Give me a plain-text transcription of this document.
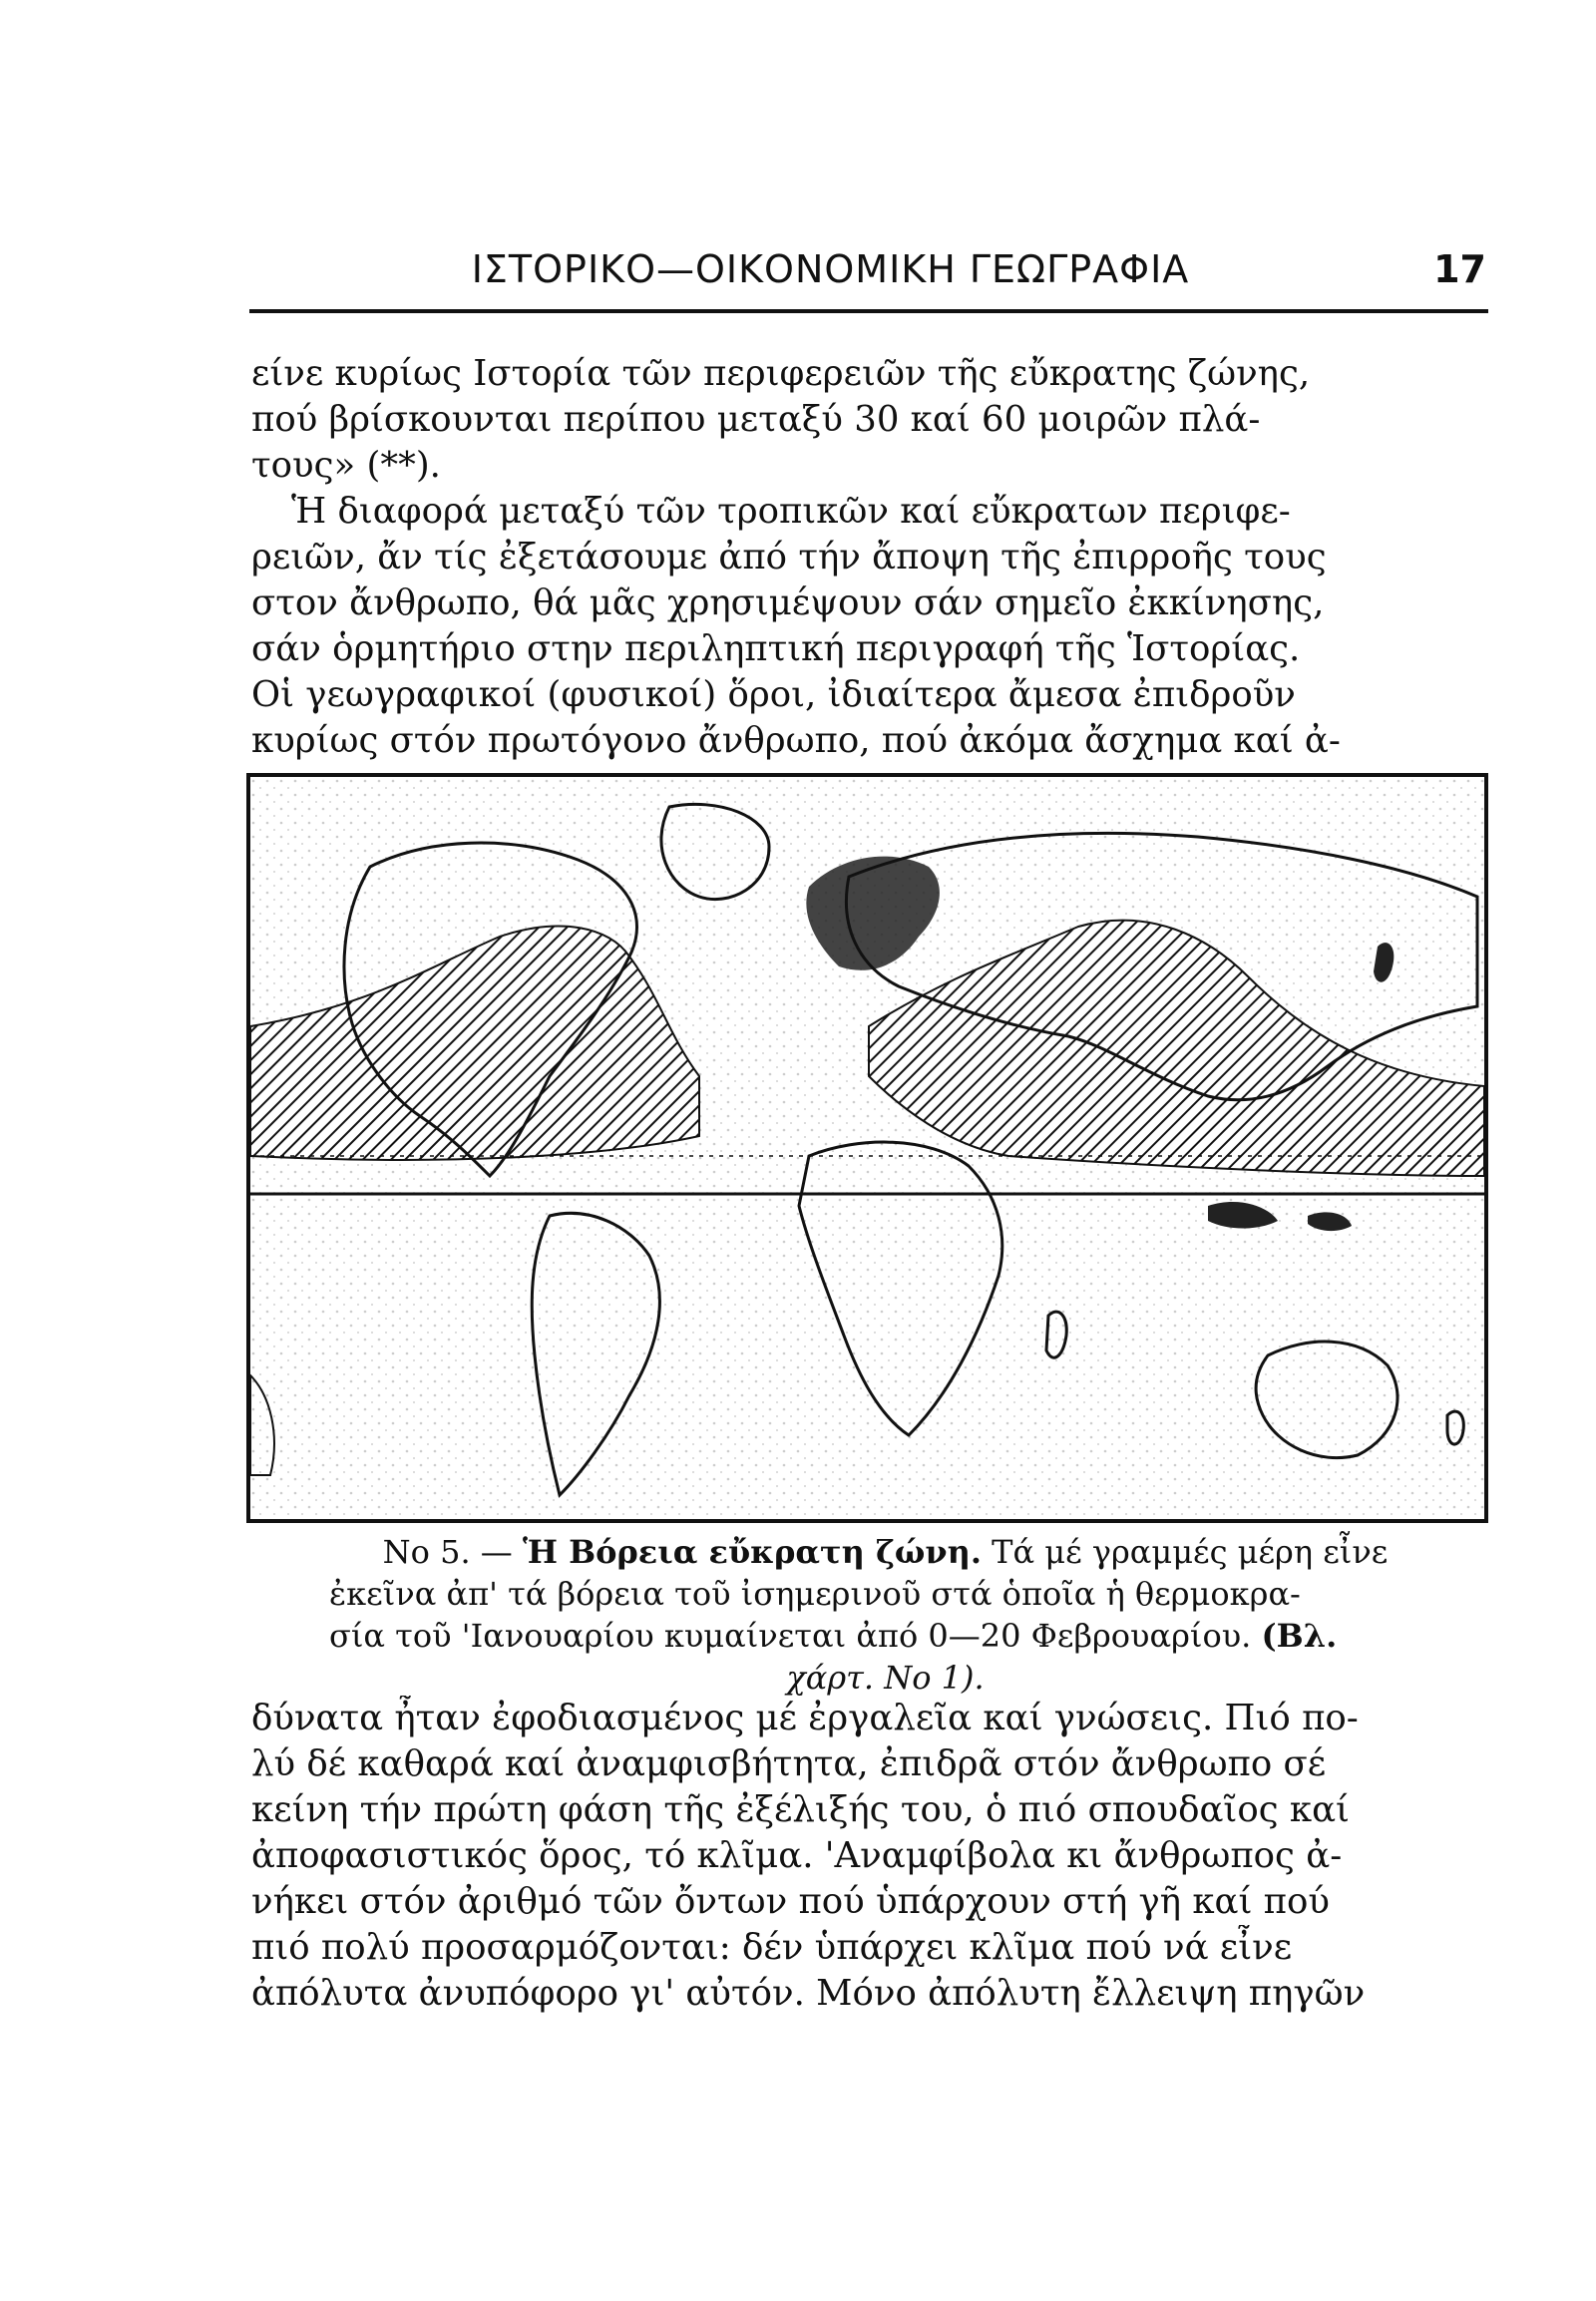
ΙΣΤΟΡΙΚΟ—ΟΙΚΟΝΟΜΙΚΗ ΓΕΩΓΡΑΦΙΑ	17
είνε κυρίως Ιστορία τῶν περιφερειῶν τῆς εὔκρατης ζώνης,
πού βρίσκουνται περίπου μεταξύ 30 καί 60 μοιρῶν πλά-
τους» (**).
Ἡ διαφορά μεταξύ τῶν τροπικῶν καί εὔκρατων περιφε-
ρειῶν, ἄν τίς ἐξετάσουμε ἀπό τήν ἄποψη τῆς ἐπιρροῆς τους
στον ἄνθρωπο, θά μᾶς χρησιμέψουν σάν σημεῖο ἐκκίνησης,
σάν ὁρμητήριο στην περιληπτική περιγραφή τῆς Ἱστορίας.
Οἱ γεωγραφικοί (φυσικοί) ὅροι, ἰδιαίτερα ἄμεσα ἐπιδροῦν
κυρίως στόν πρωτόγονο ἄνθρωπο, πού ἀκόμα ἄσχημα καί ἀ-
Νο 5. — Ἡ Βόρεια εὔκρατη ζώνη. Τά μέ γραμμές μέρη εἶνε
ἐκεῖνα ἀπ' τά βόρεια τοῦ ἰσημερινοῦ στά ὁποῖα ἡ θερμοκρα-
σία τοῦ 'Ιανουαρίου κυμαίνεται ἀπό 0—20 Φεβρουαρίου. (Βλ.
χάρτ. Νο 1).
δύνατα ἦταν ἐφοδιασμένος μέ ἐργαλεῖα καί γνώσεις. Πιό πο-
λύ δέ καθαρά καί ἀναμφισβήτητα, ἐπιδρᾶ στόν ἄνθρωπο σέ
κείνη τήν πρώτη φάση τῆς ἐξέλιξής του, ὁ πιό σπουδαῖος καί
ἀποφασιστικός ὅρος, τό κλῖμα. 'Αναμφίβολα κι ἄνθρωπος ἀ-
νήκει στόν ἀριθμό τῶν ὄντων πού ὑπάρχουν στή γῆ καί πού
πιό πολύ προσαρμόζονται: δέν ὑπάρχει κλῖμα πού νά εἶνε
ἀπόλυτα ἀνυπόφορο γι' αὐτόν. Μόνο ἀπόλυτη ἔλλειψη πηγῶν
